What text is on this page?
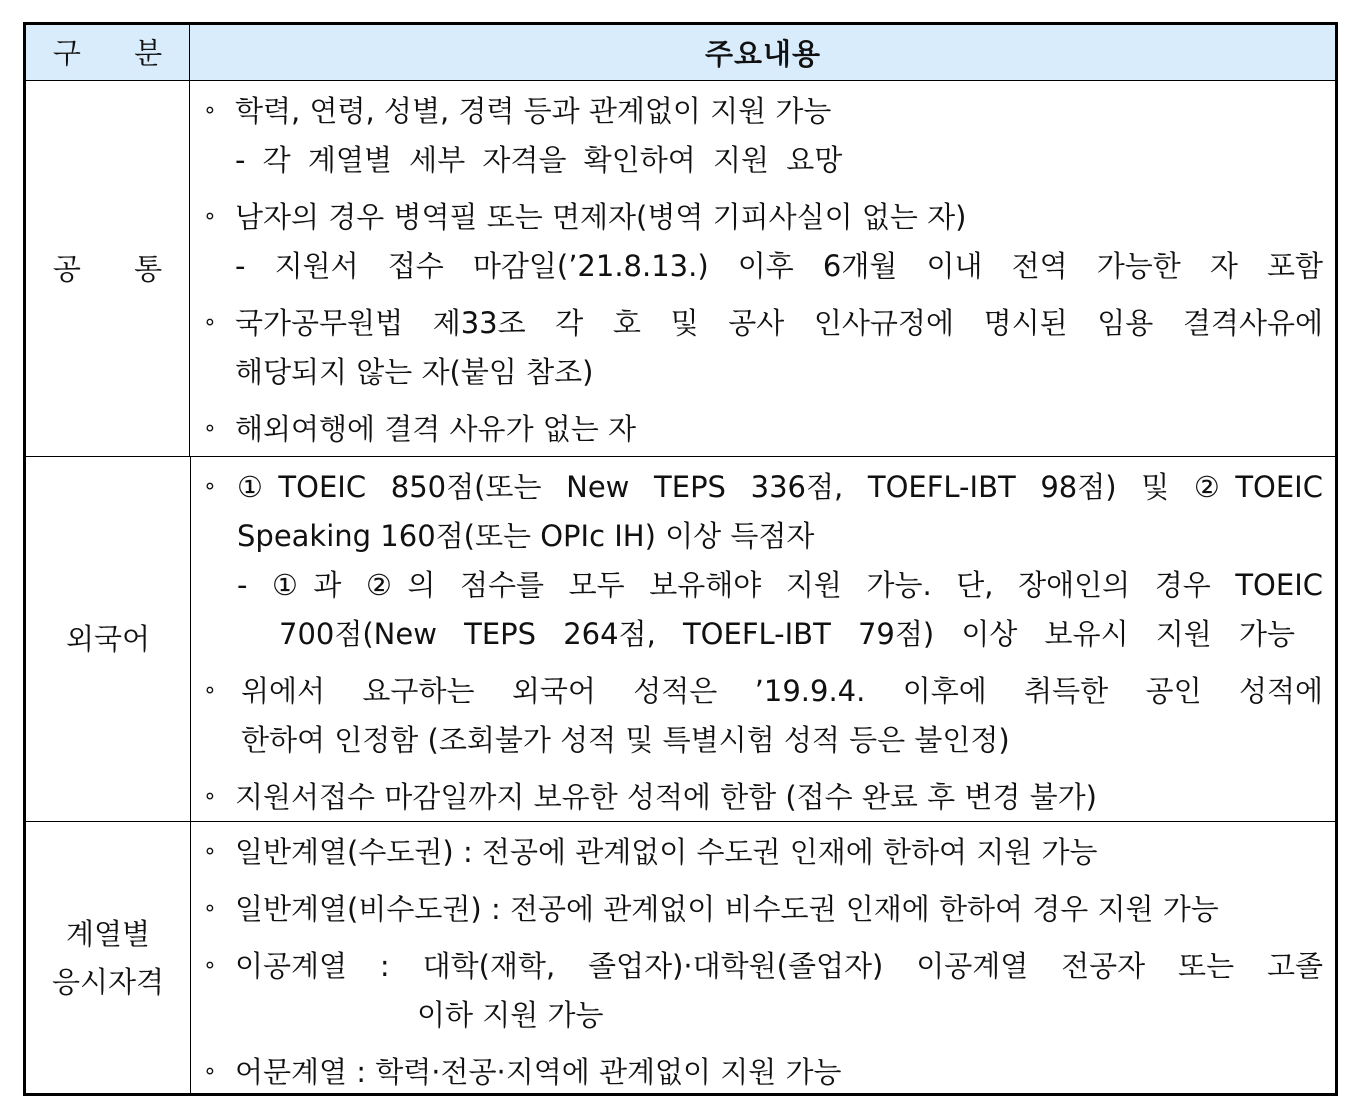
구 분	주요내용
공 통
∘ 학력, 연령, 성별, 경력 등과 관계없이 지원 가능
- 각 계열별 세부 자격을 확인하여 지원 요망
∘ 남자의 경우 병역필 또는 면제자(병역 기피사실이 없는 자)
- 지원서 접수 마감일(’21.8.13.) 이후 6개월 이내 전역 가능한 자 포함
∘ 국가공무원법 제33조 각 호 및 공사 인사규정에 명시된 임용 결격사유에
해당되지 않는 자(붙임 참조)
∘ 해외여행에 결격 사유가 없는 자
외국어
∘ ①TOEIC 850점(또는 New TEPS 336점, TOEFL-IBT 98점) 및 ②TOEIC
Speaking 160점(또는 OPIc IH) 이상 득점자
- ①과 ②의 점수를 모두 보유해야 지원 가능. 단, 장애인의 경우 TOEIC
700점(New TEPS 264점, TOEFL-IBT 79점) 이상 보유시 지원 가능
∘ 위에서 요구하는 외국어 성적은 ’19.9.4. 이후에 취득한 공인 성적에
한하여 인정함 (조회불가 성적 및 특별시험 성적 등은 불인정)
∘ 지원서접수 마감일까지 보유한 성적에 한함 (접수 완료 후 변경 불가)
계열별
응시자격
∘ 일반계열(수도권) : 전공에 관계없이 수도권 인재에 한하여 지원 가능
∘ 일반계열(비수도권) : 전공에 관계없이 비수도권 인재에 한하여 경우 지원 가능
∘ 이공계열 : 대학(재학, 졸업자)·대학원(졸업자) 이공계열 전공자 또는 고졸
이하 지원 가능
∘ 어문계열 : 학력·전공·지역에 관계없이 지원 가능
